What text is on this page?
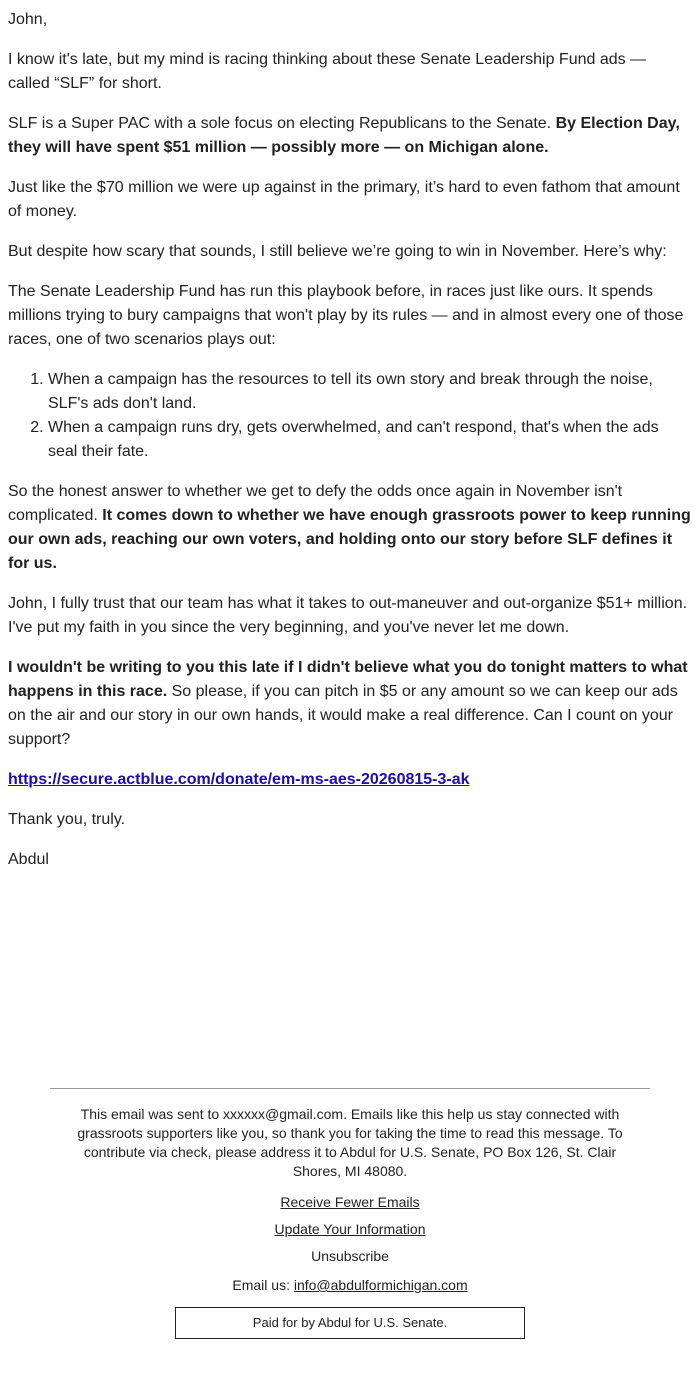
John,

I know it's late, but my mind is racing thinking about these Senate Leadership Fund ads — called “SLF” for short.

SLF is a Super PAC with a sole focus on electing Republicans to the Senate. By Election Day, they will have spent $51 million — possibly more — on Michigan alone.

Just like the $70 million we were up against in the primary, it’s hard to even fathom that amount of money.

But despite how scary that sounds, I still believe we’re going to win in November. Here’s why:

The Senate Leadership Fund has run this playbook before, in races just like ours. It spends millions trying to bury campaigns that won't play by its rules — and in almost every one of those races, one of two scenarios plays out:

1. When a campaign has the resources to tell its own story and break through the noise, SLF's ads don't land.
2. When a campaign runs dry, gets overwhelmed, and can't respond, that's when the ads seal their fate.

So the honest answer to whether we get to defy the odds once again in November isn't complicated. It comes down to whether we have enough grassroots power to keep running our own ads, reaching our own voters, and holding onto our story before SLF defines it for us.

John, I fully trust that our team has what it takes to out-maneuver and out-organize $51+ million. I've put my faith in you since the very beginning, and you've never let me down.

I wouldn't be writing to you this late if I didn't believe what you do tonight matters to what happens in this race. So please, if you can pitch in $5 or any amount so we can keep our ads on the air and our story in our own hands, it would make a real difference. Can I count on your support?

https://secure.actblue.com/donate/em-ms-aes-20260815-3-ak

Thank you, truly.

Abdul

This email was sent to xxxxxx@gmail.com. Emails like this help us stay connected with grassroots supporters like you, so thank you for taking the time to read this message. To contribute via check, please address it to Abdul for U.S. Senate, PO Box 126, St. Clair Shores, MI 48080.

Receive Fewer Emails
Update Your Information
Unsubscribe
Email us: info@abdulformichigan.com
Paid for by Abdul for U.S. Senate.
